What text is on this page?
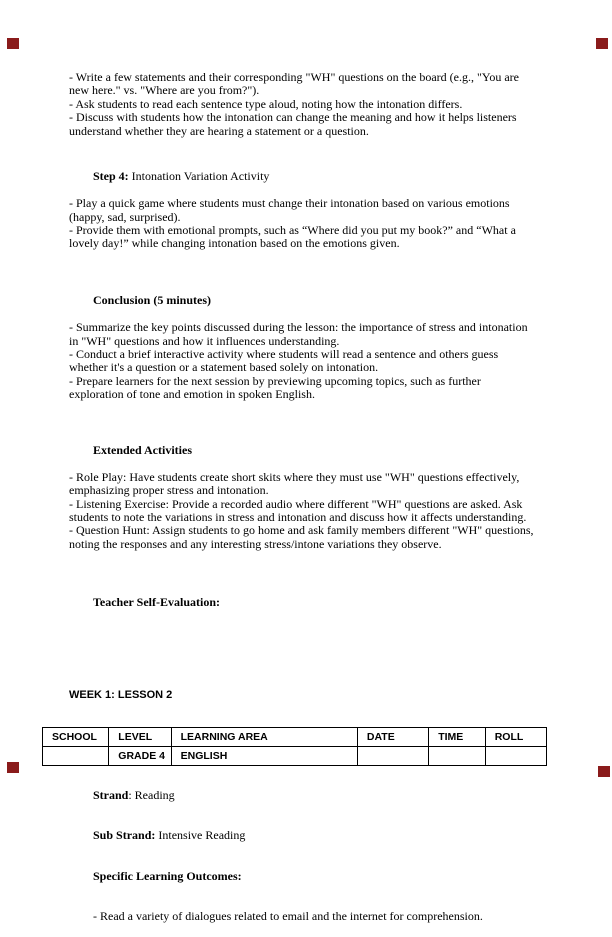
- Write a few statements and their corresponding "WH" questions on the board (e.g., "You are
new here." vs. "Where are you from?").
- Ask students to read each sentence type aloud, noting how the intonation differs.
- Discuss with students how the intonation can change the meaning and how it helps listeners
understand whether they are hearing a statement or a question.

Step 4: Intonation Variation Activity

- Play a quick game where students must change their intonation based on various emotions
(happy, sad, surprised).
- Provide them with emotional prompts, such as “Where did you put my book?” and “What a
lovely day!” while changing intonation based on the emotions given.

Conclusion (5 minutes)

- Summarize the key points discussed during the lesson: the importance of stress and intonation
in "WH" questions and how it influences understanding.
- Conduct a brief interactive activity where students will read a sentence and others guess
whether it's a question or a statement based solely on intonation.
- Prepare learners for the next session by previewing upcoming topics, such as further
exploration of tone and emotion in spoken English.

Extended Activities

- Role Play: Have students create short skits where they must use "WH" questions effectively,
emphasizing proper stress and intonation.
- Listening Exercise: Provide a recorded audio where different "WH" questions are asked. Ask
students to note the variations in stress and intonation and discuss how it affects understanding.
- Question Hunt: Assign students to go home and ask family members different "WH" questions,
noting the responses and any interesting stress/intone variations they observe.

Teacher Self-Evaluation:

WEEK 1: LESSON 2
SCHOOL	LEVEL	LEARNING AREA	DATE	TIME	ROLL
	GRADE 4	ENGLISH			

Strand: Reading

Sub Strand: Intensive Reading

Specific Learning Outcomes:

- Read a variety of dialogues related to email and the internet for comprehension.
